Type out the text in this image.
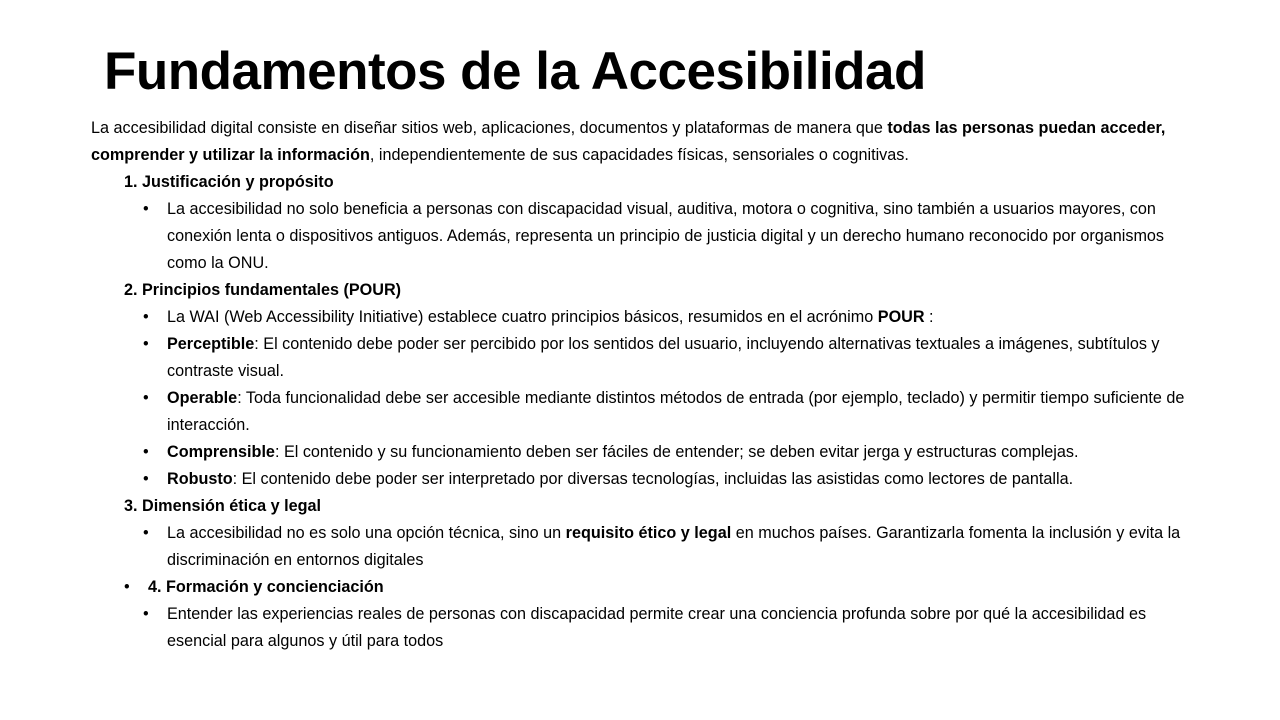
Fundamentos de la Accesibilidad

La accesibilidad digital consiste en diseñar sitios web, aplicaciones, documentos y plataformas de manera que todas las personas puedan acceder, comprender y utilizar la información, independientemente de sus capacidades físicas, sensoriales o cognitivas.

1. Justificación y propósito
• La accesibilidad no solo beneficia a personas con discapacidad visual, auditiva, motora o cognitiva, sino también a usuarios mayores, con conexión lenta o dispositivos antiguos. Además, representa un principio de justicia digital y un derecho humano reconocido por organismos como la ONU.
2. Principios fundamentales (POUR)
• La WAI (Web Accessibility Initiative) establece cuatro principios básicos, resumidos en el acrónimo POUR :
• Perceptible: El contenido debe poder ser percibido por los sentidos del usuario, incluyendo alternativas textuales a imágenes, subtítulos y contraste visual.
• Operable: Toda funcionalidad debe ser accesible mediante distintos métodos de entrada (por ejemplo, teclado) y permitir tiempo suficiente de interacción.
• Comprensible: El contenido y su funcionamiento deben ser fáciles de entender; se deben evitar jerga y estructuras complejas.
• Robusto: El contenido debe poder ser interpretado por diversas tecnologías, incluidas las asistidas como lectores de pantalla.
3. Dimensión ética y legal
• La accesibilidad no es solo una opción técnica, sino un requisito ético y legal en muchos países. Garantizarla fomenta la inclusión y evita la discriminación en entornos digitales
• 4. Formación y concienciación
• Entender las experiencias reales de personas con discapacidad permite crear una conciencia profunda sobre por qué la accesibilidad es esencial para algunos y útil para todos
